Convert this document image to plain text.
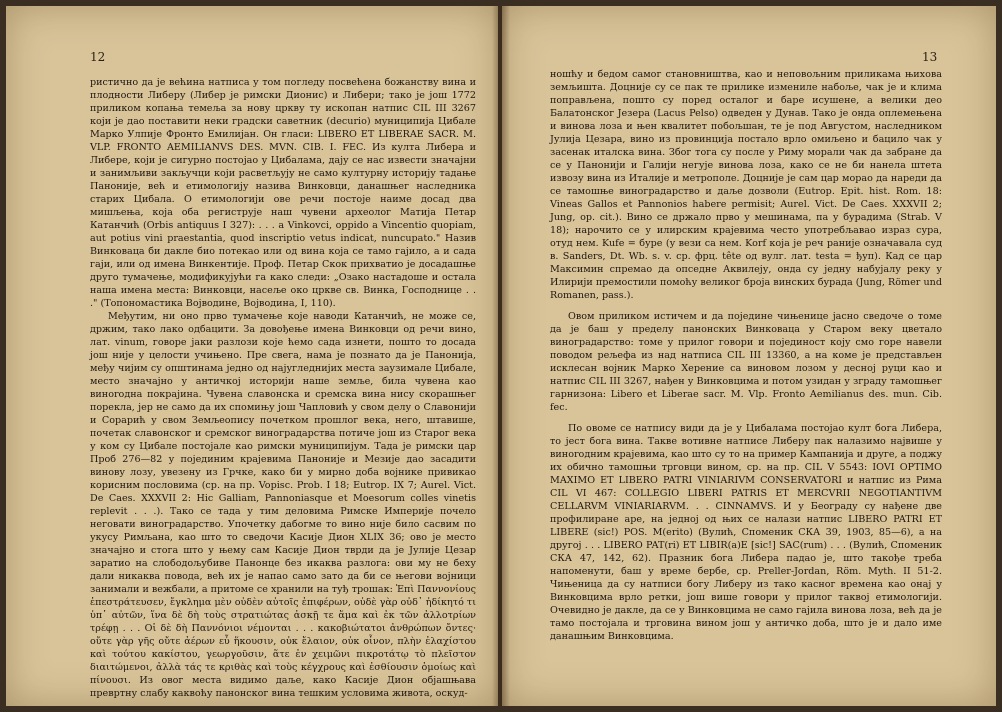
12

ристично да је већина натписа у том погледу посвећена божанству вина и плодности Либеру (Либер је римски Дионис) и Либери; тако је још 1772 приликом копања темеља за нову цркву ту ископан натпис CIL III 3267 који је дао поставити неки градски саветник (decurio) муниципија Цибале Марко Улпије Фронто Емилијан. Он гласи: LIBERO ET LIBERAE SACR. M. VLP. FRONTO AEMILIANVS DES. MVN. CIB. I. FEC. Из култа Либера и Либере, који је сигурно постојао у Цибалама, дају се нас извести значајни и занимљиви закључци који расветљују не само културну историју тадање Панонијe, већ и етимологију назива Винковци, данашњег наследника старих Цибала. О етимологији ове речи постоје наиме досад два мишљења, која оба региструје наш чувени археолог Матија Петар Катанчић (Orbis antiquus I 327): . . . a Vinkovci, oppido a Vincentio quopiam, aut potius vini praestantia, quod inscriptio vetus indicat, nuncupato." Назив Винковаца би дакле био потекао или од вина која се тамо гајило, а и сада гаји, или од имена Винкентије. Проф. Петар Скок прихватио је досадашње друго тумачење, модификујући га како следи: „Озако настадоше и остала наша имена места: Винковци, насеље око цркве св. Винка, Господнице . . ." (Топономастика Војводине, Војводина, I, 110).

Међутим, ни оно прво тумачење које наводи Катанчић, не може се, држим, тако лако одбацити. За довођење имена Винковци од речи вино, лат. vinum, говоре јаки разлози које ћемо сада изнети, пошто то досада још није у целости учињено. Пре свега, нама је познато да је Панонија, међу чијим су општинама једно од најугледнијих места заузимале Цибале, место значајно у античкој историји наше земље, била чувена као виноrодна покрајина. Чувена славонска и сремска вина нису скорашњег порекла, јер не само да их спомињу још Чапловић у свом делу о Славонији и Сорарић у свом Земљеопису почетком прошлог века, него, штавише, почетак славонског и сремског виноградарства потиче још из Старог века у ком су Цибале постојале као римски муниципијум. Тада је римски цар Проб 276—82 у појединим крајевима Паноније и Мезије дао засадити винову лозу, увезену из Грчке, како би у мирно доба војнике привикао корисним пословима (ср. на пр. Vopisc. Prob. I 18; Eutrop. IX 7; Aurel. Vict. De Caes. XXXVII 2: Hic Galliam, Pannoniasque et Moesorum colles vinetis replevit . . .). Тако се тада у тим деловима Римске Империје почело неговати виноградарство. Упочетку дабогме то вино није било сасвим по укусу Римљана, као што то сведочи Касије Дион XLIX 36; ово је место значајно и стога што у њему сам Касије Дион тврди да је Јулије Цезар заратио на слободољубиве Панонце без икаква разлога: ови му не беху дали никаква повода, већ их је напао само зато да би се његови војници занимали и вежбали, а притоме се хранили на туђ трошак: Ἐπὶ Παννονίους ἐπεστράτευσεν, ἔγκλημα μὲν οὐδὲν αὐτοῖς ἐπιφέρων, οὐδὲ γὰρ οὐδ᾽ ἠδίκητό τι ὑπ᾽ αὐτῶν, ἵνα δὲ δὴ τοὺς στρατιώτας ἀσκῇ τε ἅμα καὶ ἐκ τῶν ἀλλοτρίων τρέφῃ . . . Οἱ δὲ δὴ Παννόνιοι νέμονται . . . κακοβιώτατοι ἀνθρώπων ὄντες· οὔτε γὰρ γῆς οὔτε ἀέρων εὖ ἥκουσιν, οὐκ ἔλαιον, οὐκ οἶνον, πλὴν ἐλαχίστου καὶ τούτου κακίστου, γεωργοῦσιν, ἅτε ἐν χειμῶνι πικροτάτῳ τὸ πλεῖστον διαιτώμενοι, ἀλλὰ τάς τε κριθὰς καὶ τοὺς κέγχρους καὶ ἐσθίουσιν ὁμοίως καὶ πίνουσι. Из овог места видимо даље, како Касије Дион објашњава превртну слабу каквоћу панонског вина тешким условима живота, оскуд-

13

ношћу и бедом самог становништва, као и неповољним приликама њихова земљишта. Доцније су се пак те прилике измениле набоље, чак је и клима поправљена, пошто су поред осталог и баре исушене, а велики део Балатонског Језера (Lacus Pelso) одведен у Дунав. Тако је онда оплемењена и винова лоза и њен квалитет побољшан, те је под Августом, наследником Јулија Цезара, вино из провинција постало врло омиљено и бацило чак у засенак италска вина. Због тога су после у Риму морали чак да забране да се у Панонији и Галији негује винова лоза, како се не би нанела штета извозу вина из Италије и метрополе. Доцније је сам цар морао да нареди да се тамошње виноградарство и даље дозволи (Eutrop. Epit. hist. Rom. 18: Vineas Gallos et Pannonios habere permisit; Aurel. Vict. De Caes. XXXVII 2; Jung, op. cit.). Вино се држало прво у мешинама, па у бурадима (Strab. V 18); нарочито се у илирским крајевима често употребљавао израз сура, отуд нем. Kufe = буре (у вези са нем. Korf која је реч раније означавала суд в. Sanders, Dt. Wb. s. v. ср. фрц. tête од вулг. лат. testa = ђуп). Кад се цар Максимин спремао да опседне Аквилеју, онда су једну набујалу реку у Илирији премостили помоћу великог броја винских бурада (Jung, Römer und Romanen, pass.).

Овом приликом истичем и да поједине чињенице јасно сведоче о томе да је баш у пределу панонских Винковаца у Старом веку цветало виноградарство: томе у прилог говори и појединост коју смо горе навели поводом рељефа из над натписа CIL III 13360, а на коме је представљен исклесан војник Марко Херение са виновом лозом у десној руци као и натпис CIL III 3267, нађен у Винковцима и потом узидан у зграду тамошњег гарнизона: Libero et Liberae sacr. M. Vlp. Fronto Aemilianus des. mun. Cib. fec.

По овоме се натпису види да је у Цибалама постојао култ бога Либера, то јест бога вина. Такве вотивне натписе Либеру пак налазимо највише у виноrодним крајевима, као што су то на пример Кампанија и друге, а поджу их обично тамошњи трговци вином, ср. на пр. CIL V 5543: IOVI OPTIMO MAXIMO ET LIBERO PATRI VINIARIVM CONSERVATORI и натпис из Рима CIL VI 467: COLLEGIO LIBERI PATRIS ET MERCVRII NEGOTIANTIVM CELLARVM VINIARIARVM. . . CINNAMVS. И у Београду су нађене две профилиране аре, на једној од њих се налази натпис LIBERO PATRI ET LIBERE (sic!) POS. M(erito) (Вулић, Споменик СКА 39, 1903, 85—6), а на другој . . . LIBERO PAT(ri) ET LIBIR(a)E [sic!] SAC(rum) . . . (Вулић, Споменик СКА 47, 142, 62). Празник бога Либера падао је, што такође треба напоменути, баш у време бербе, ср. Preller-Jordan, Röm. Myth. II 51-2. Чињеница да су натписи богу Либеру из тако касног времена као онај у Винковцима врло ретки, још више говори у прилог таквој етимологији. Очевидно је дакле, да се у Винковцима не само гајила винова лоза, већ да је тамо постојала и трговина вином још у античко доба, што је и дало име данашњим Винковцима.
